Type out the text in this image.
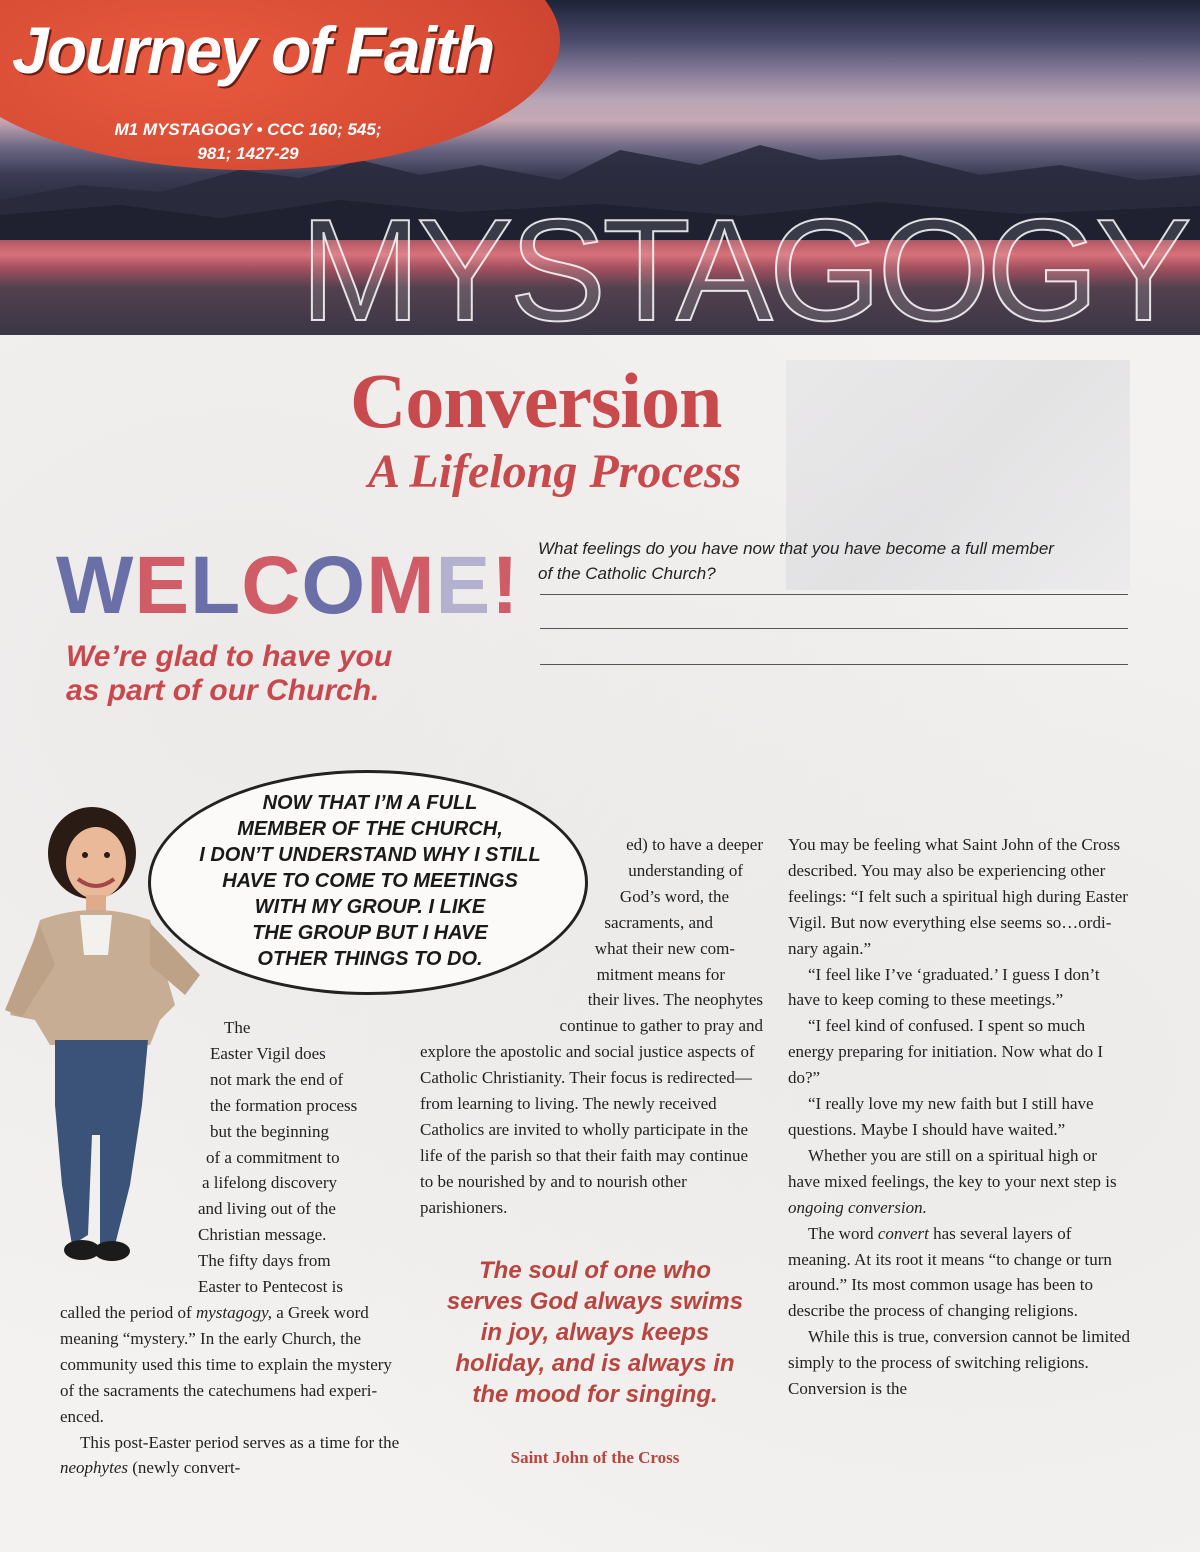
Journey of Faith
M1 MYSTAGOGY • CCC 160; 545;
981; 1427-29
MYSTAGOGY
Conversion
A Lifelong Process
WELCOME!
We’re glad to have you
as part of our Church.
What feelings do you have now that you have become a full member
of the Catholic Church?
NOW THAT I’M A FULL
MEMBER OF THE CHURCH,
I DON’T UNDERSTAND WHY I STILL
HAVE TO COME TO MEETINGS
WITH MY GROUP. I LIKE
THE GROUP BUT I HAVE
OTHER THINGS TO DO.
The
Easter Vigil does
not mark the end of
the formation process
but the beginning
of a commitment to
a lifelong discovery
and living out of the
Christian message.
The fifty days from
Easter to Pentecost is

called the period of mystagogy, a Greek word meaning “mystery.” In the early Church, the community used this time to explain the mystery of the sacraments the catechumens had experienced.

This post-Easter period serves as a time for the neophytes (newly convert-

ed) to have a deeper
understanding of
God’s word, the
sacraments, and
what their new com-
mitment means for
their lives. The neophytes
continue to gather to pray and

explore the apostolic and social justice aspects of Catholic Christianity. Their focus is redirected—from learning to living. The newly received Catholics are invited to wholly participate in the life of the parish so that their faith may continue to be nourished by and to nourish other parishioners.

The soul of one who serves God always swims in joy, always keeps holiday, and is always in the mood for singing.
Saint John of the Cross

You may be feeling what Saint John of the Cross described. You may also be experiencing other feelings: “I felt such a spiritual high during Easter Vigil. But now everything else seems so…ordinary again.”

“I feel like I’ve ‘graduated.’ I guess I don’t have to keep coming to these meetings.”

“I feel kind of confused. I spent so much energy preparing for initiation. Now what do I do?”

“I really love my new faith but I still have questions. Maybe I should have waited.”

Whether you are still on a spiritual high or have mixed feelings, the key to your next step is ongoing conversion.

The word convert has several layers of meaning. At its root it means “to change or turn around.” Its most common usage has been to describe the process of changing religions.

While this is true, conversion cannot be limited simply to the process of switching religions. Conversion is the
